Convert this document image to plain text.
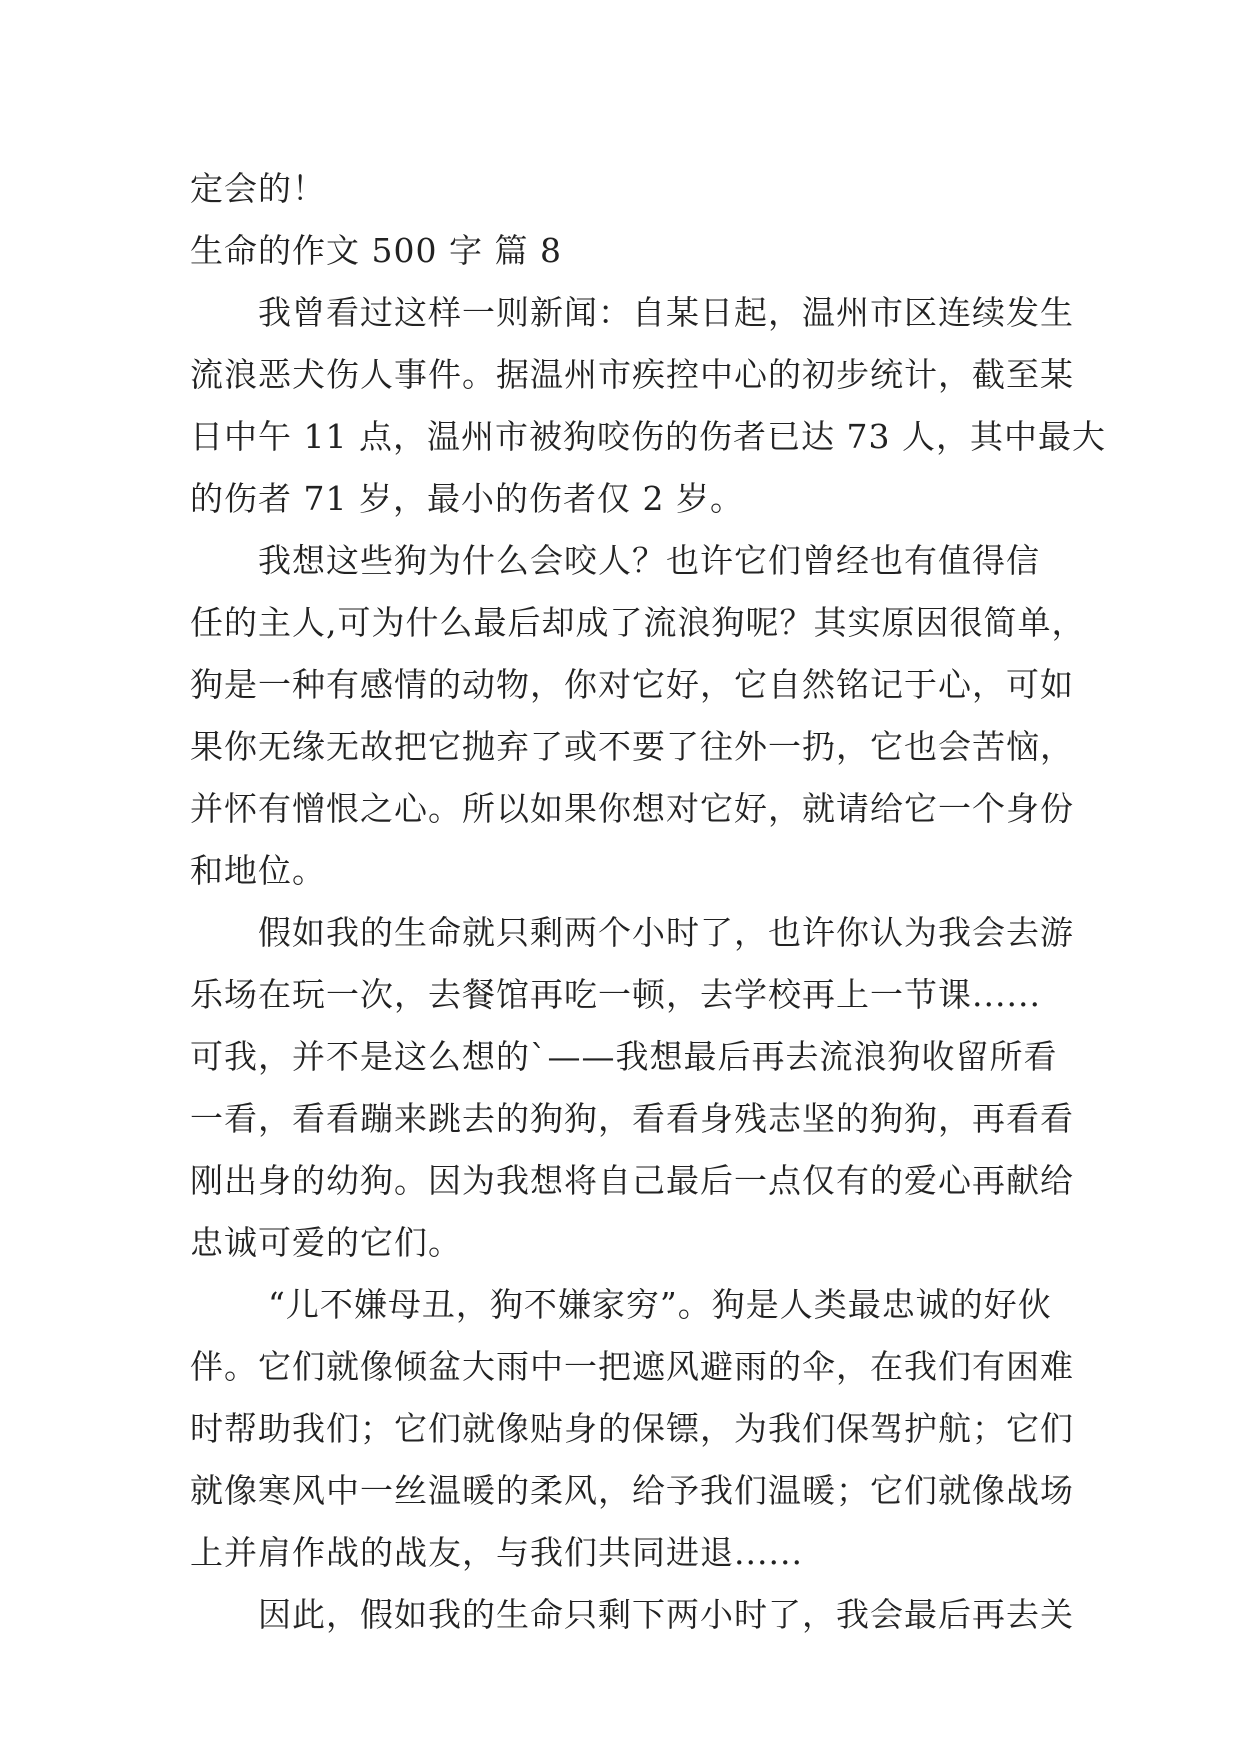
定会的！
生命的作文 500 字 篇 8
我曾看过这样一则新闻：自某日起，温州市区连续发生
流浪恶犬伤人事件。据温州市疾控中心的初步统计，截至某
日中午 11 点，温州市被狗咬伤的伤者已达 73 人，其中最大
的伤者 71 岁，最小的伤者仅 2 岁。
我想这些狗为什么会咬人？也许它们曾经也有值得信
任的主人,可为什么最后却成了流浪狗呢？其实原因很简单，
狗是一种有感情的动物，你对它好，它自然铭记于心，可如
果你无缘无故把它抛弃了或不要了往外一扔，它也会苦恼，
并怀有憎恨之心。所以如果你想对它好，就请给它一个身份
和地位。
假如我的生命就只剩两个小时了，也许你认为我会去游
乐场在玩一次，去餐馆再吃一顿，去学校再上一节课......
可我，并不是这么想的`——我想最后再去流浪狗收留所看
一看，看看蹦来跳去的狗狗，看看身残志坚的狗狗，再看看
刚出身的幼狗。因为我想将自己最后一点仅有的爱心再献给
忠诚可爱的它们。
“儿不嫌母丑，狗不嫌家穷”。狗是人类最忠诚的好伙
伴。它们就像倾盆大雨中一把遮风避雨的伞，在我们有困难
时帮助我们；它们就像贴身的保镖，为我们保驾护航；它们
就像寒风中一丝温暖的柔风，给予我们温暖；它们就像战场
上并肩作战的战友，与我们共同进退......
因此，假如我的生命只剩下两小时了，我会最后再去关
